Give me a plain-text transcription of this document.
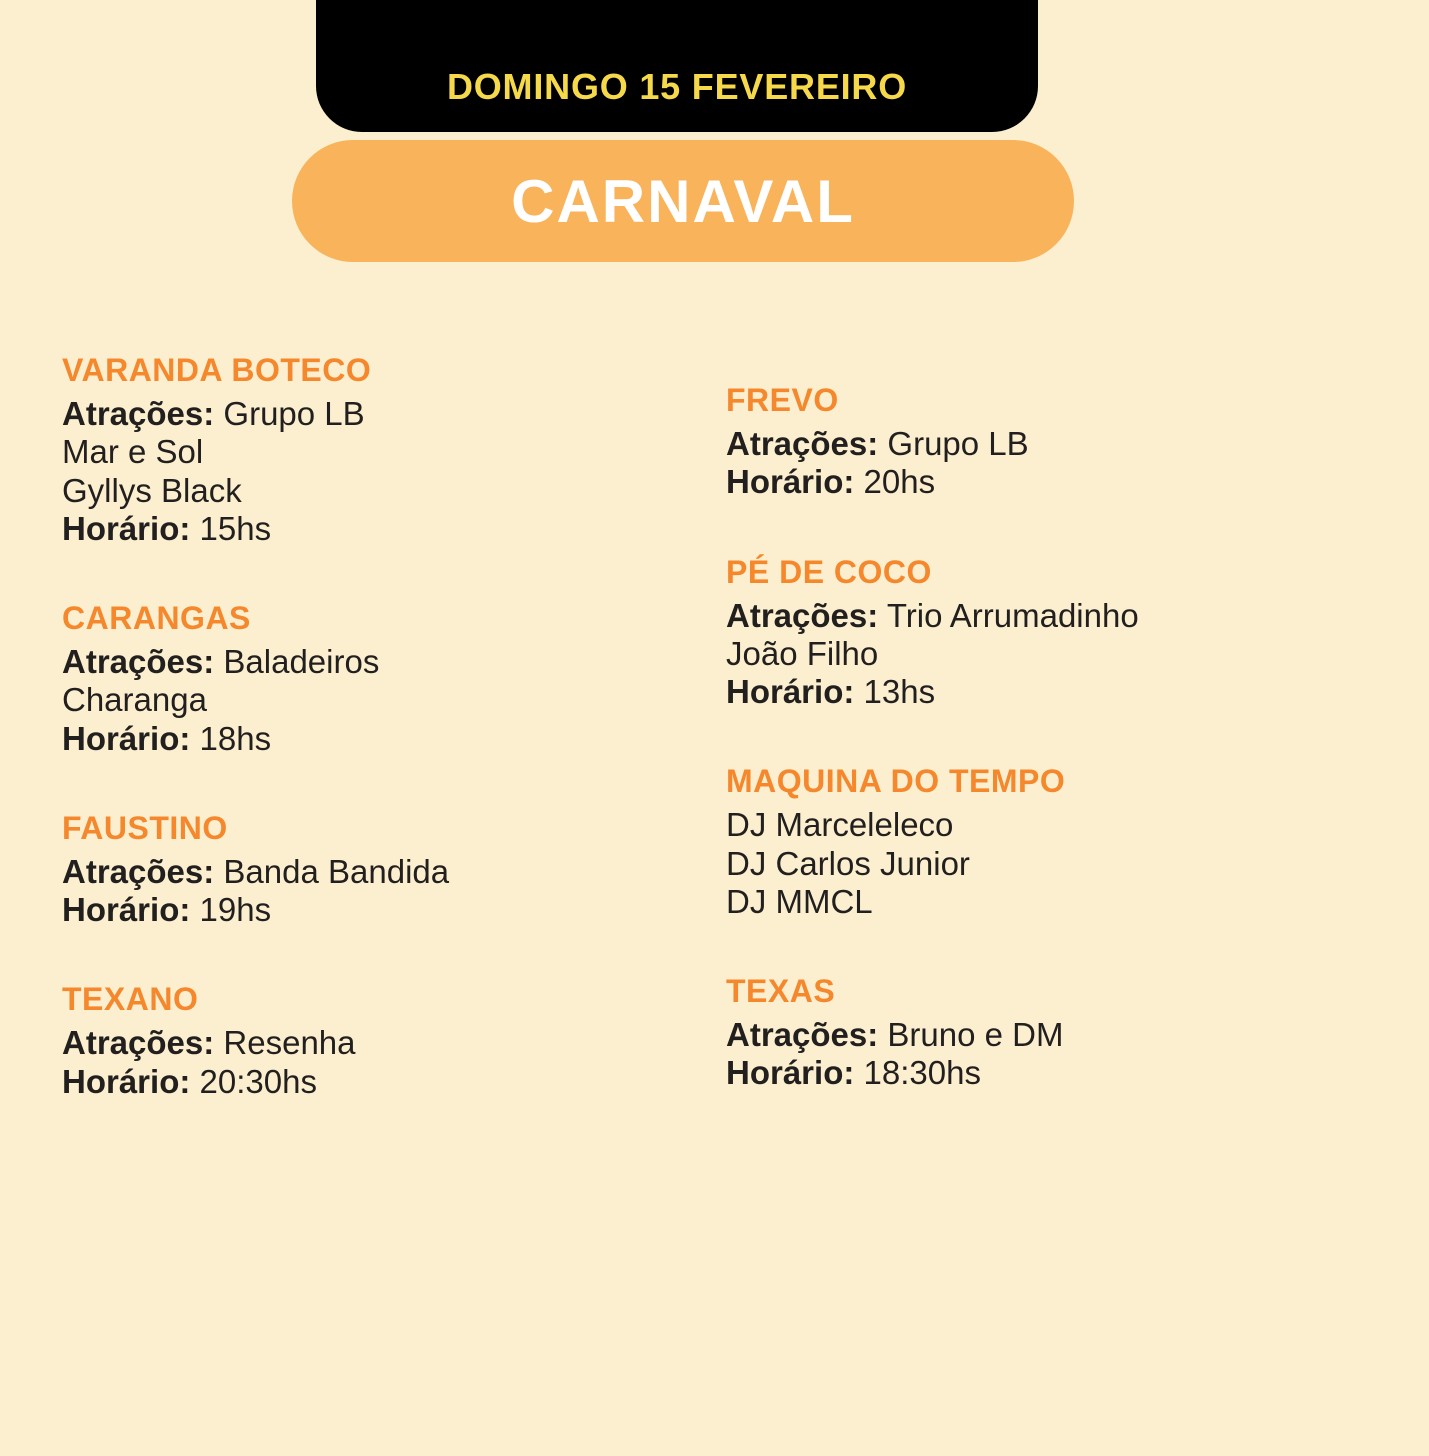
DOMINGO 15 FEVEREIRO
CARNAVAL
VARANDA BOTECO
Atrações: Grupo LB
Mar e Sol
Gyllys Black
Horário: 15hs
CARANGAS
Atrações: Baladeiros
Charanga
Horário: 18hs
FAUSTINO
Atrações: Banda Bandida
Horário: 19hs
TEXANO
Atrações: Resenha
Horário: 20:30hs
FREVO
Atrações: Grupo LB
Horário: 20hs
PÉ DE COCO
Atrações: Trio Arrumadinho
João Filho
Horário: 13hs
MAQUINA DO TEMPO
DJ Marceleleco
DJ Carlos Junior
DJ MMCL
TEXAS
Atrações: Bruno e DM
Horário: 18:30hs
